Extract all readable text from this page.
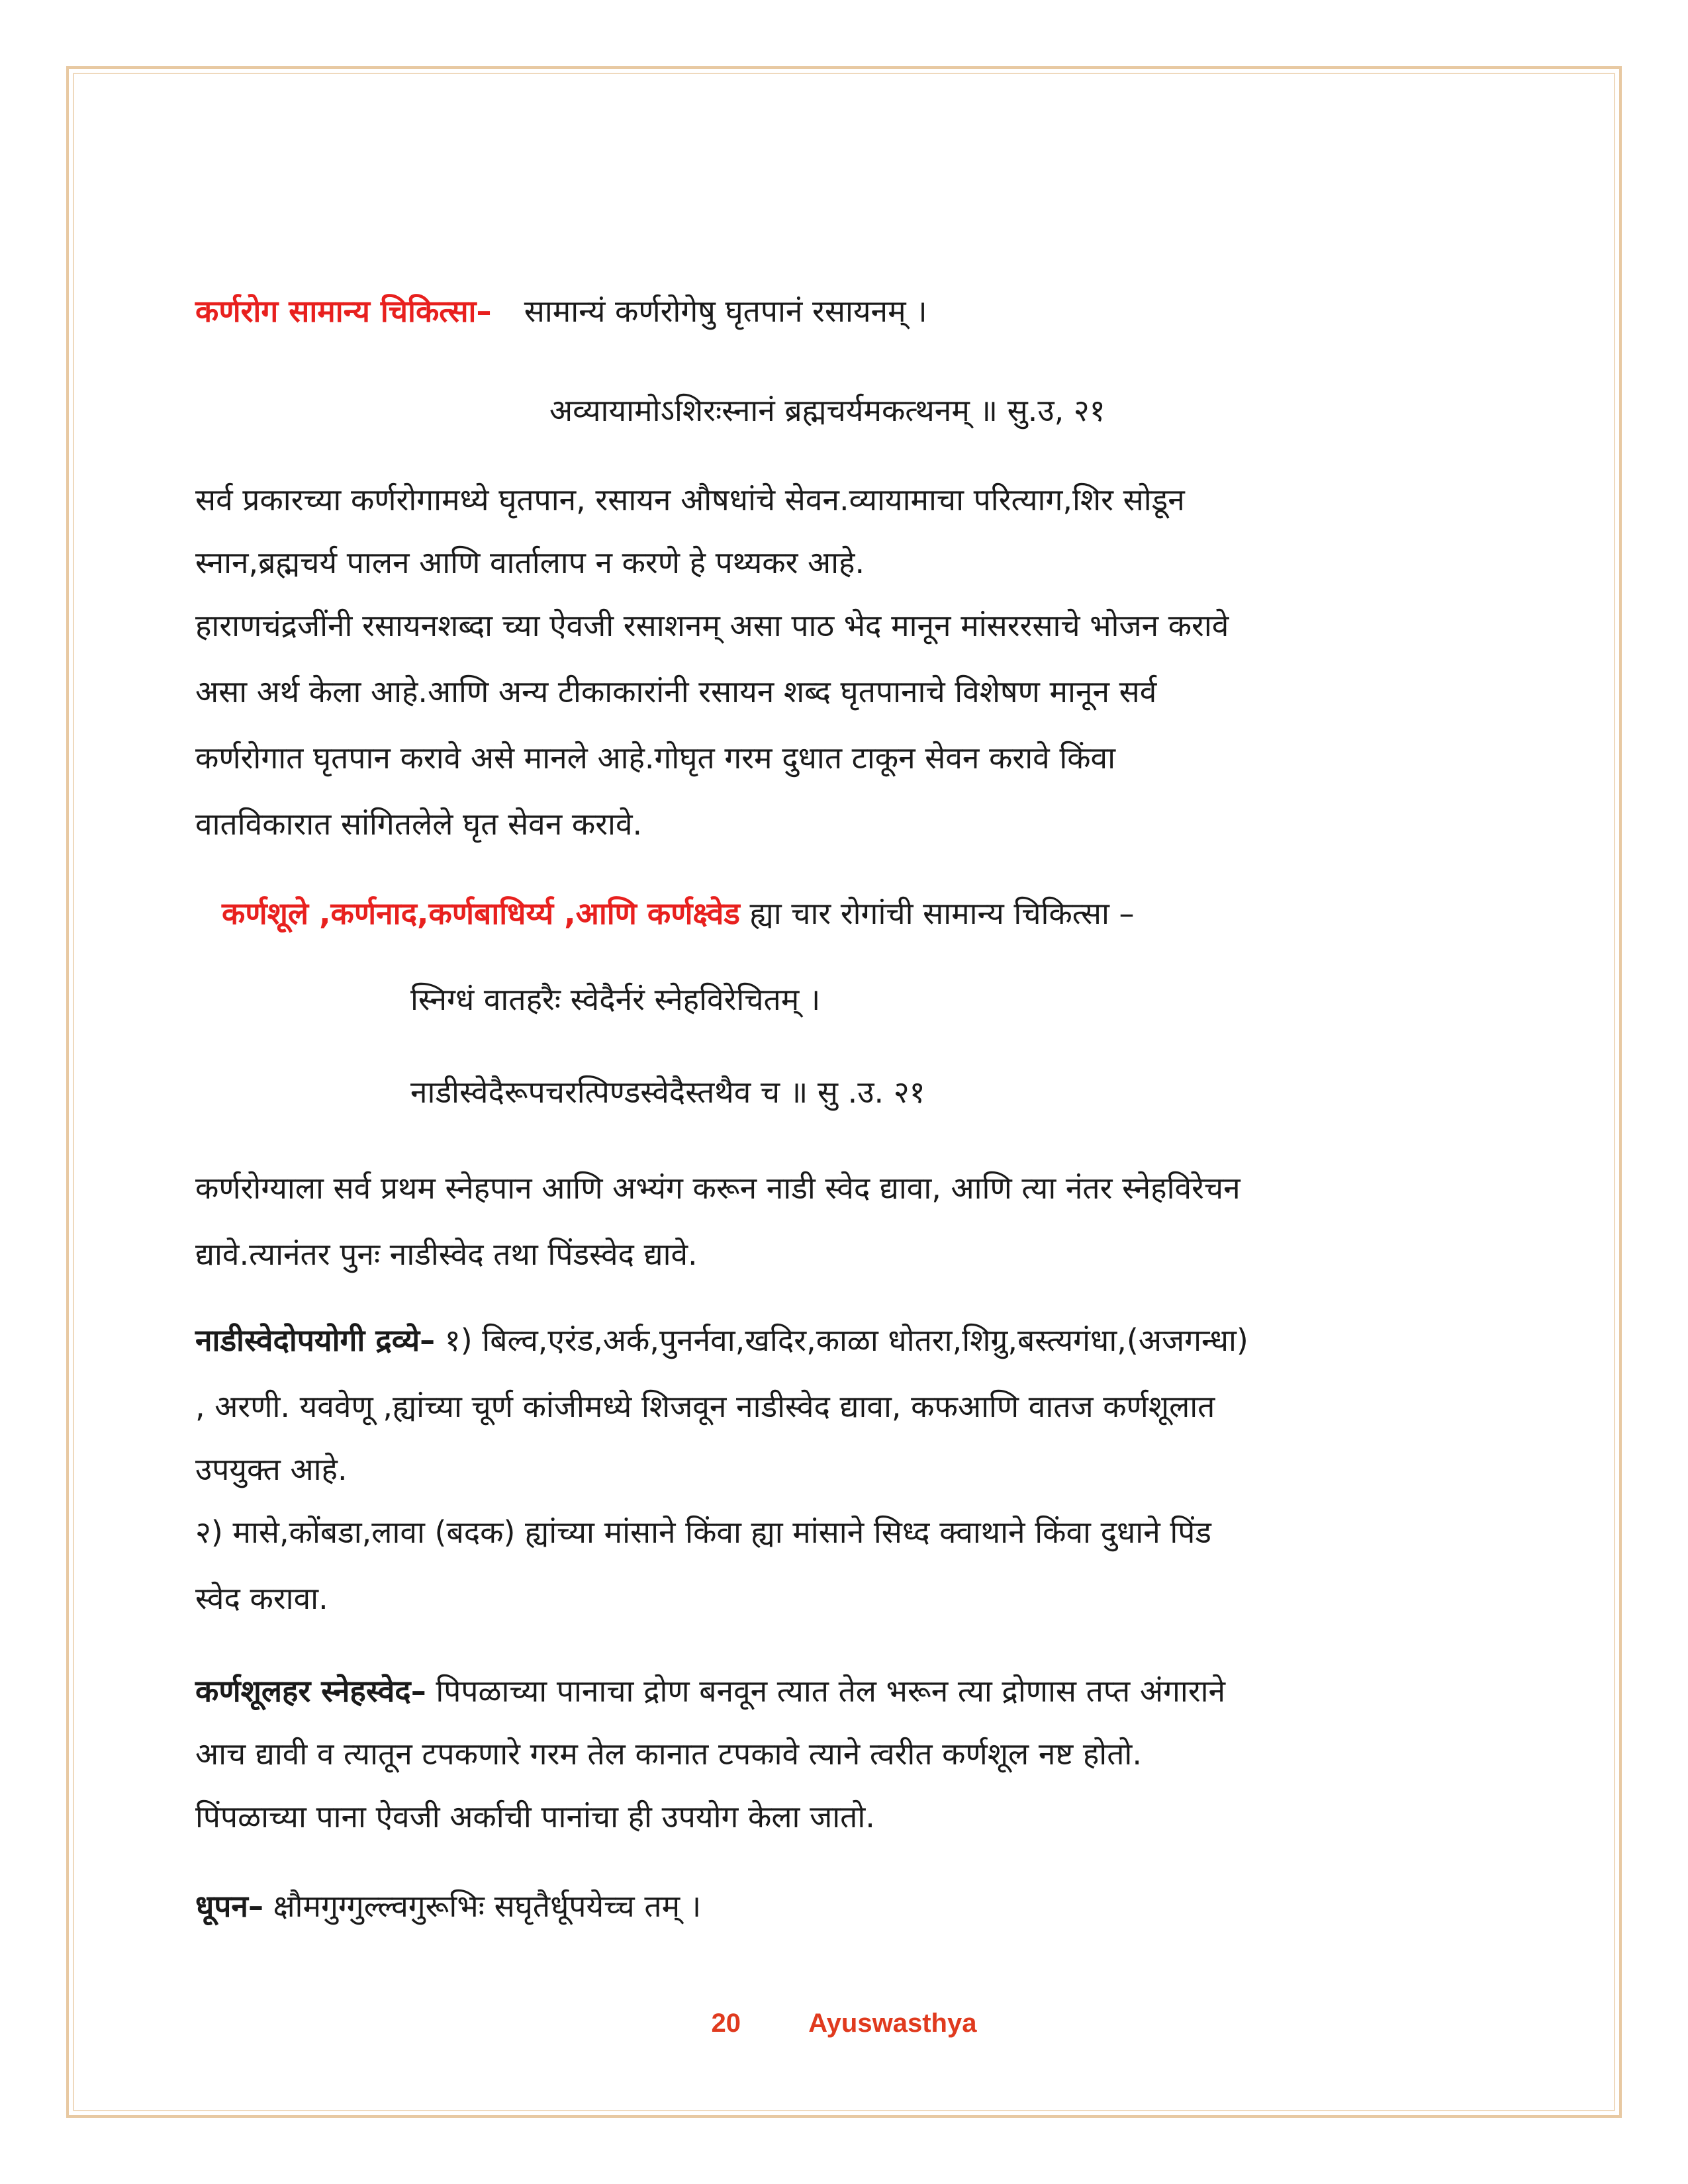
कर्णरोग सामान्य चिकित्सा– सामान्यं कर्णरोगेषु घृतपानं रसायनम् ।
अव्यायामोऽशिरःस्नानं ब्रह्मचर्यमकत्थनम् ॥ सु.उ, २१
सर्व प्रकारच्या कर्णरोगामध्ये घृतपान, रसायन औषधांचे सेवन.व्यायामाचा परित्याग,शिर सोडून
स्नान,ब्रह्मचर्य पालन आणि वार्तालाप न करणे हे पथ्यकर आहे.
हाराणचंद्रजींनी रसायनशब्दा च्या ऐवजी रसाशनम् असा पाठ भेद मानून मांसररसाचे भोजन करावे
असा अर्थ केला आहे.आणि अन्य टीकाकारांनी रसायन शब्द घृतपानाचे विशेषण मानून सर्व
कर्णरोगात घृतपान करावे असे मानले आहे.गोघृत गरम दुधात टाकून सेवन करावे किंवा
वातविकारात सांगितलेले घृत सेवन करावे.
कर्णशूले ,कर्णनाद,कर्णबाधिर्य्य ,आणि कर्णक्ष्वेड ह्या चार रोगांची सामान्य चिकित्सा –
स्निग्धं वातहरैः स्वेदैर्नरं स्नेहविरेचितम् ।
नाडीस्वेदैरूपचरत्पिण्डस्वेदैस्तथैव च ॥ सु .उ. २१
कर्णरोग्याला सर्व प्रथम स्नेहपान आणि अभ्यंग करून नाडी स्वेद द्यावा, आणि त्या नंतर स्नेहविरेचन
द्यावे.त्यानंतर पुनः नाडीस्वेद तथा पिंडस्वेद द्यावे.
नाडीस्वेदोपयोगी द्रव्ये– १) बिल्व,एरंड,अर्क,पुनर्नवा,खदिर,काळा धोतरा,शिग्रु,बस्त्यगंधा,(अजगन्धा)
, अरणी. यववेणू ,ह्यांच्या चूर्ण कांजीमध्ये शिजवून नाडीस्वेद द्यावा, कफआणि वातज कर्णशूलात
उपयुक्त आहे.
२) मासे,कोंबडा,लावा (बदक) ह्यांच्या मांसाने किंवा ह्या मांसाने सिध्द क्वाथाने किंवा दुधाने पिंड
स्वेद करावा.
कर्णशूलहर स्नेहस्वेद– पिपळाच्या पानाचा द्रोण बनवून त्यात तेल भरून त्या द्रोणास तप्त अंगाराने
आच द्यावी व त्यातून टपकणारे गरम तेल कानात टपकावे त्याने त्वरीत कर्णशूल नष्ट होतो.
पिंपळाच्या पाना ऐवजी अर्काची पानांचा ही उपयोग केला जातो.
धूपन– क्षौमगुग्गुल्ल्वगुरूभिः सघृतैर्धूपयेच्च तम् ।
20	Ayuswasthya
